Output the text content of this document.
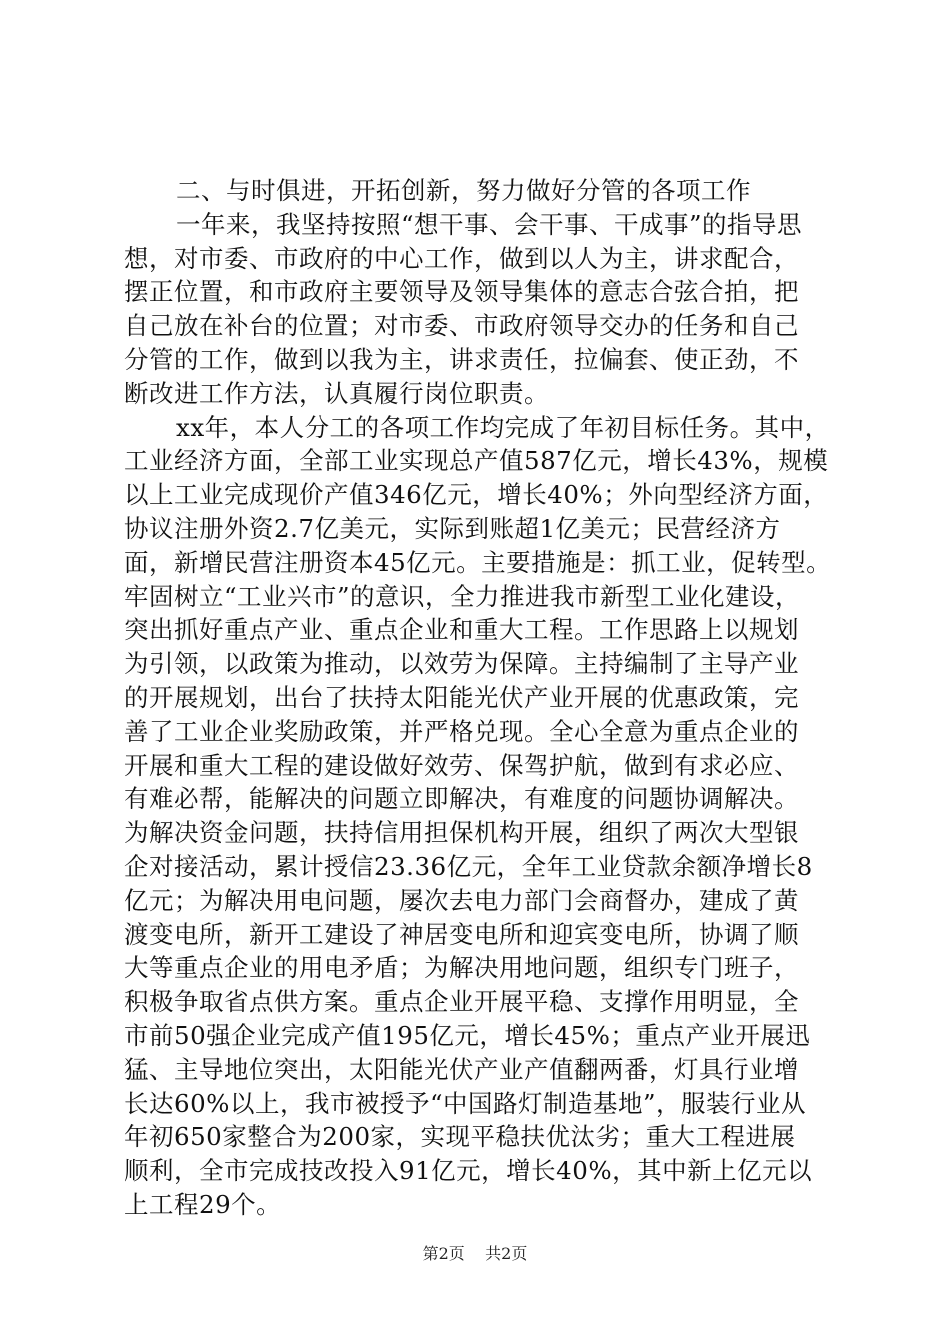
二、与时俱进，开拓创新，努力做好分管的各项工作
一年来，我坚持按照“想干事、会干事、干成事”的指导思
想，对市委、市政府的中心工作，做到以人为主，讲求配合，
摆正位置，和市政府主要领导及领导集体的意志合弦合拍，把
自己放在补台的位置；对市委、市政府领导交办的任务和自己
分管的工作，做到以我为主，讲求责任，拉偏套、使正劲，不
断改进工作方法，认真履行岗位职责。
xx年，本人分工的各项工作均完成了年初目标任务。其中，
工业经济方面，全部工业实现总产值587亿元，增长43%，规模
以上工业完成现价产值346亿元，增长40%；外向型经济方面，
协议注册外资2.7亿美元，实际到账超1亿美元；民营经济方
面，新增民营注册资本45亿元。主要措施是：抓工业，促转型。
牢固树立“工业兴市”的意识，全力推进我市新型工业化建设，
突出抓好重点产业、重点企业和重大工程。工作思路上以规划
为引领，以政策为推动，以效劳为保障。主持编制了主导产业
的开展规划，出台了扶持太阳能光伏产业开展的优惠政策，完
善了工业企业奖励政策，并严格兑现。全心全意为重点企业的
开展和重大工程的建设做好效劳、保驾护航，做到有求必应、
有难必帮，能解决的问题立即解决，有难度的问题协调解决。
为解决资金问题，扶持信用担保机构开展，组织了两次大型银
企对接活动，累计授信23.36亿元，全年工业贷款余额净增长8
亿元；为解决用电问题，屡次去电力部门会商督办，建成了黄
渡变电所，新开工建设了神居变电所和迎宾变电所，协调了顺
大等重点企业的用电矛盾；为解决用地问题，组织专门班子，
积极争取省点供方案。重点企业开展平稳、支撑作用明显，全
市前50强企业完成产值195亿元，增长45%；重点产业开展迅
猛、主导地位突出，太阳能光伏产业产值翻两番，灯具行业增
长达60%以上，我市被授予“中国路灯制造基地”，服装行业从
年初650家整合为200家，实现平稳扶优汰劣；重大工程进展
顺利，全市完成技改投入91亿元，增长40%，其中新上亿元以
上工程29个。
第2页 共2页
